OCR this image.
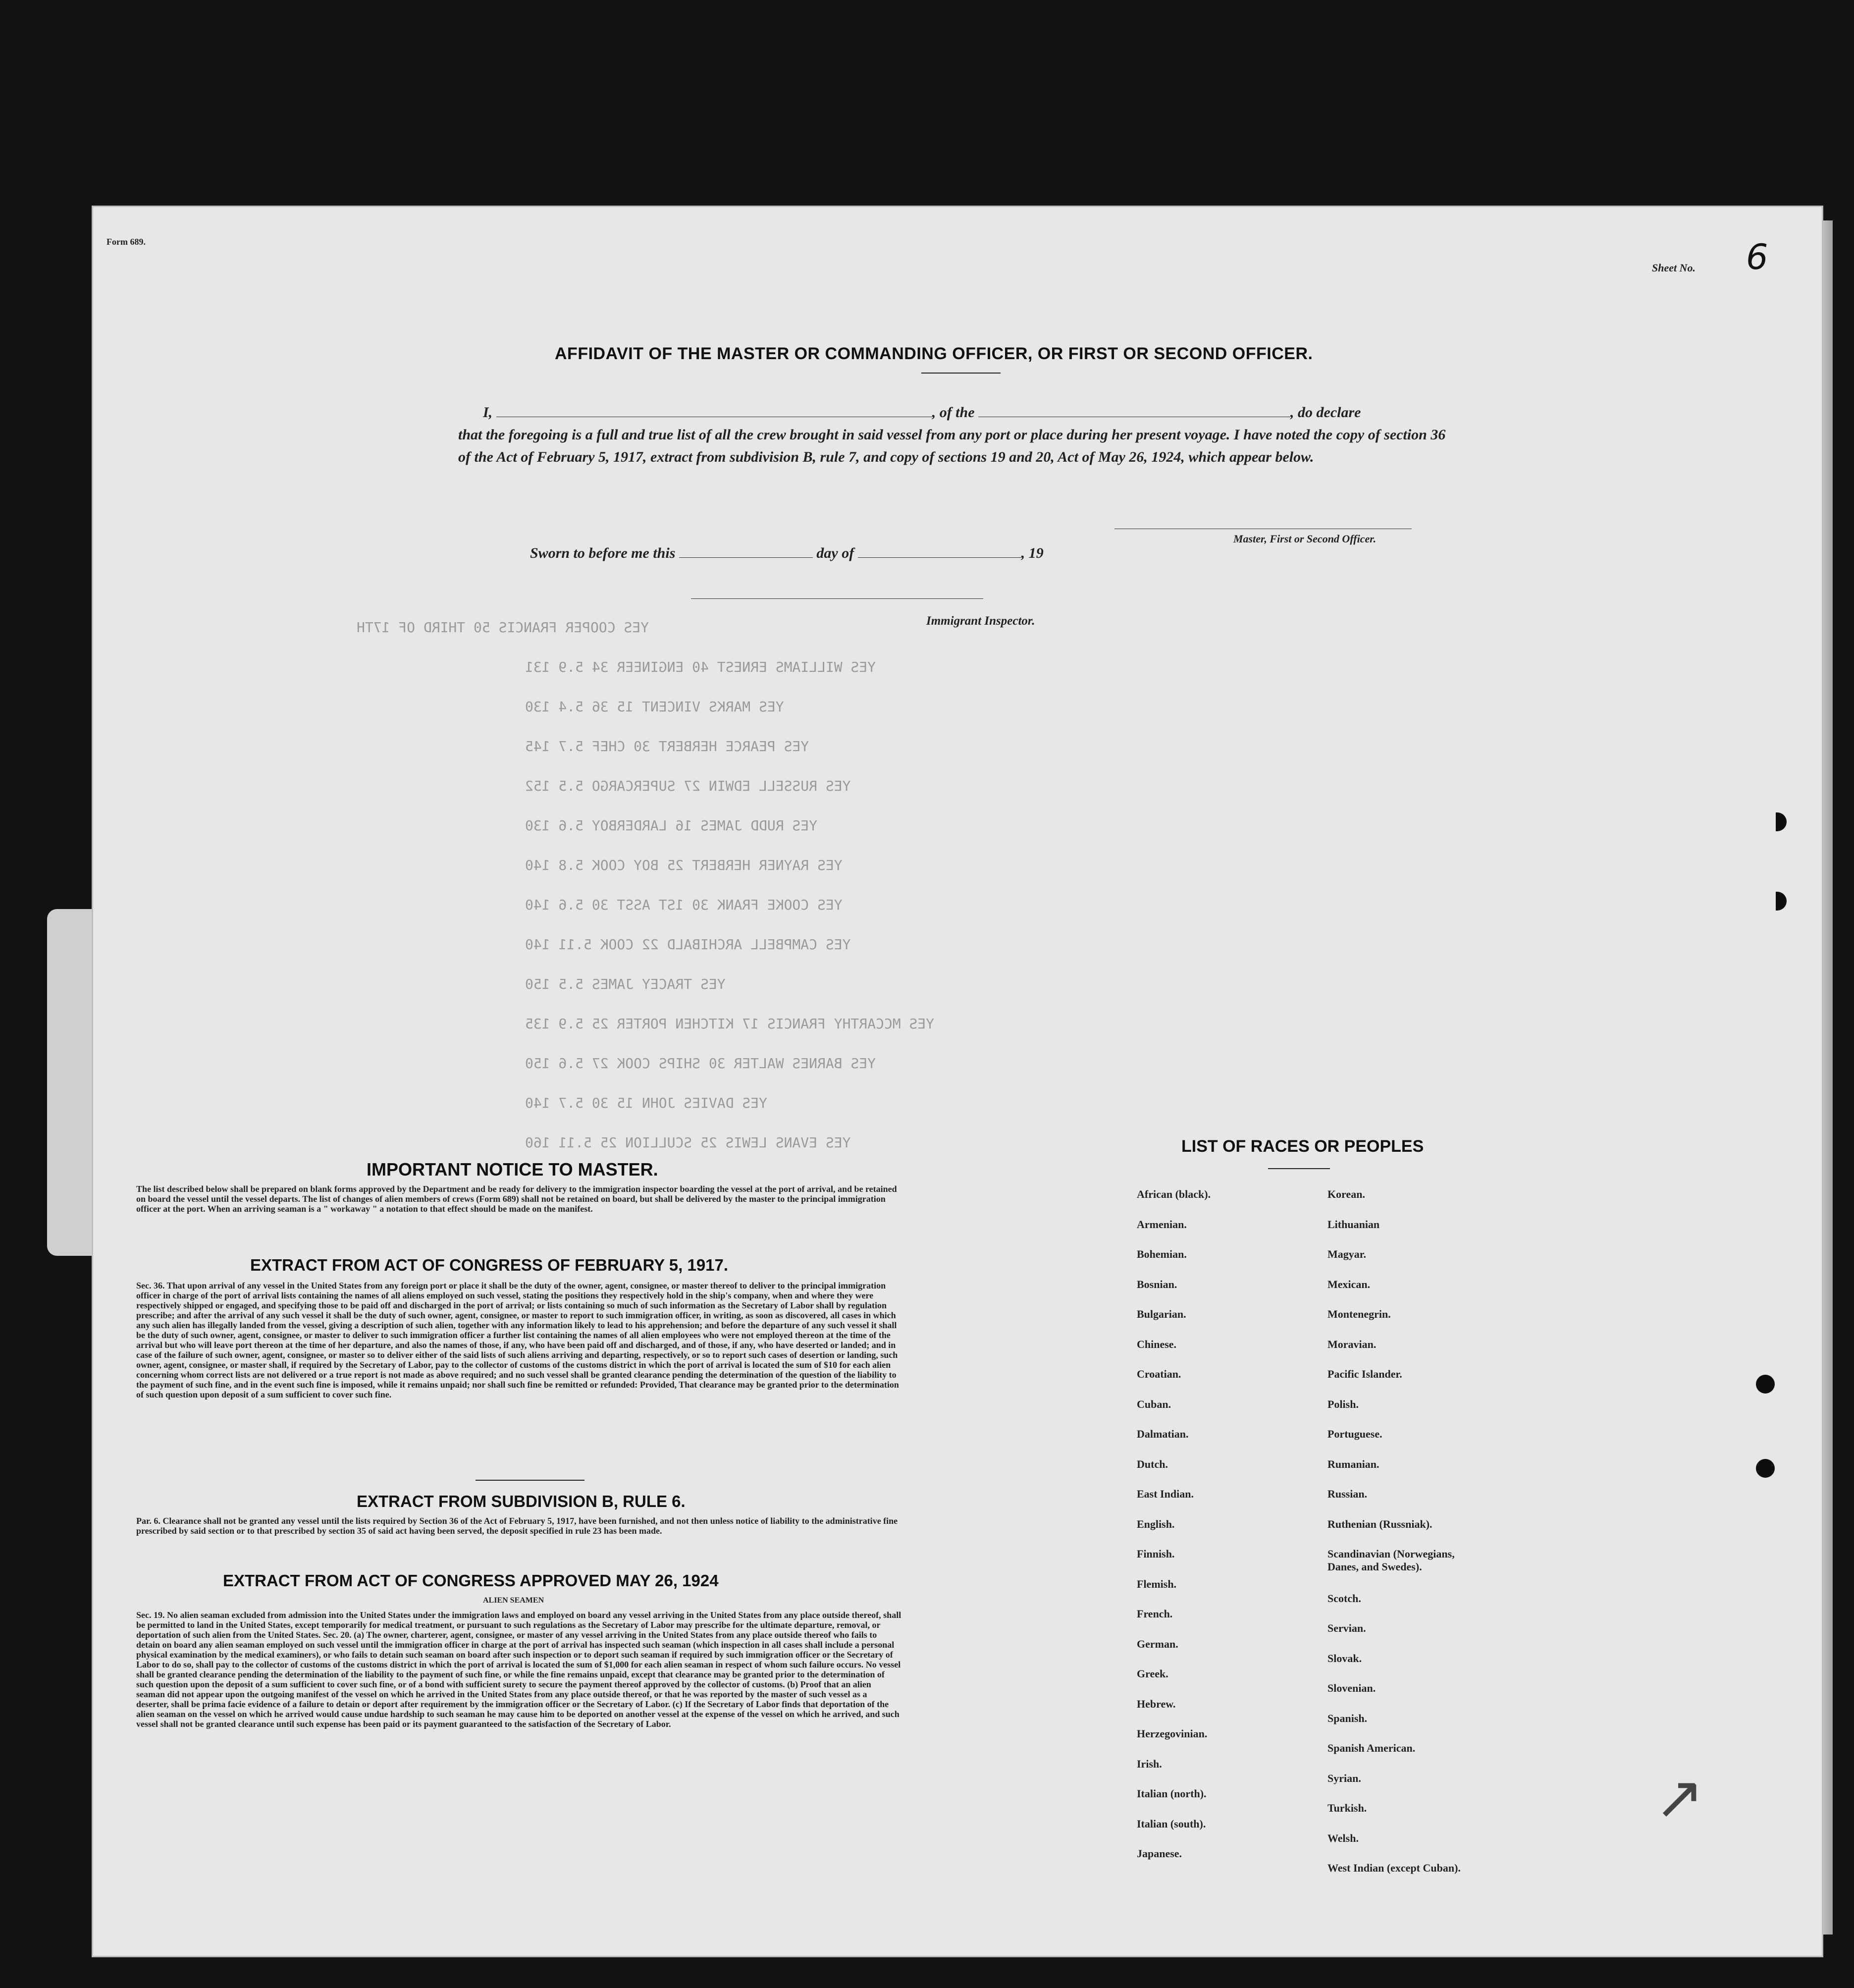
Form 689.
Sheet No. 6
AFFIDAVIT OF THE MASTER OR COMMANDING OFFICER, OR FIRST OR SECOND OFFICER.
I,	, of the	, do declare
that the foregoing is a full and true list of all the crew brought in said vessel from any port or place during her present voyage. I have noted the copy of section 36 of the Act of February 5, 1917, extract from subdivision B, rule 7, and copy of sections 19 and 20, Act of May 26, 1924, which appear below.
Master, First or Second Officer.
Sworn to before me this	day of	, 19
Immigrant Inspector.
YES COOPER FRANCIS 50 THIRD OF 17TH
YES WILLIAMS ERNEST 40 ENGINEER 34 5.9 131
YES MARKS VINCENT 15 36 5.4 130
YES PEARCE HERBERT 30 CHEF 5.7 145
YES RUSSELL EDWIN 27 SUPERCARGO 5.5 152
YES RUDD JAMES 16 LARDERBOY 5.6 130
YES RAYNER HERBERT 25 BOY COOK 5.8 140
YES COOKE FRANK 30 1ST ASST 30 5.6 140
YES CAMPBELL ARCHIBALD 22 COOK 5.11 140
YES TRACEY JAMES 5.5 150
YES MCCARTHY FRANCIS 17 KITCHEN PORTER 25 5.9 135
YES BARNES WALTER 30 SHIPS COOK 27 5.6 150
YES DAVIES JOHN 15 30 5.7 140
YES EVANS LEWIS 25 SCULLION 25 5.11 160
IMPORTANT NOTICE TO MASTER.
The list described below shall be prepared on blank forms approved by the Department and be ready for delivery to the immigration inspector boarding the vessel at the port of arrival, and be retained on board the vessel until the vessel departs. The list of changes of alien members of crews (Form 689) shall not be retained on board, but shall be delivered by the master to the principal immigration officer at the port. When an arriving seaman is a " workaway " a notation to that effect should be made on the manifest.
EXTRACT FROM ACT OF CONGRESS OF FEBRUARY 5, 1917.
Sec. 36. That upon arrival of any vessel in the United States from any foreign port or place it shall be the duty of the owner, agent, consignee, or master thereof to deliver to the principal immigration officer in charge of the port of arrival lists containing the names of all aliens employed on such vessel, stating the positions they respectively hold in the ship's company, when and where they were respectively shipped or engaged, and specifying those to be paid off and discharged in the port of arrival; or lists containing so much of such information as the Secretary of Labor shall by regulation prescribe; and after the arrival of any such vessel it shall be the duty of such owner, agent, consignee, or master to report to such immigration officer, in writing, as soon as discovered, all cases in which any such alien has illegally landed from the vessel, giving a description of such alien, together with any information likely to lead to his apprehension; and before the departure of any such vessel it shall be the duty of such owner, agent, consignee, or master to deliver to such immigration officer a further list containing the names of all alien employees who were not employed thereon at the time of the arrival but who will leave port thereon at the time of her departure, and also the names of those, if any, who have been paid off and discharged, and of those, if any, who have deserted or landed; and in case of the failure of such owner, agent, consignee, or master so to deliver either of the said lists of such aliens arriving and departing, respectively, or so to report such cases of desertion or landing, such owner, agent, consignee, or master shall, if required by the Secretary of Labor, pay to the collector of customs of the customs district in which the port of arrival is located the sum of $10 for each alien concerning whom correct lists are not delivered or a true report is not made as above required; and no such vessel shall be granted clearance pending the determination of the question of the liability to the payment of such fine, and in the event such fine is imposed, while it remains unpaid; nor shall such fine be remitted or refunded: Provided, That clearance may be granted prior to the determination of such question upon deposit of a sum sufficient to cover such fine.
EXTRACT FROM SUBDIVISION B, RULE 6.
Par. 6. Clearance shall not be granted any vessel until the lists required by Section 36 of the Act of February 5, 1917, have been furnished, and not then unless notice of liability to the administrative fine prescribed by said section or to that prescribed by section 35 of said act having been served, the deposit specified in rule 23 has been made.
EXTRACT FROM ACT OF CONGRESS APPROVED MAY 26, 1924
ALIEN SEAMEN
Sec. 19. No alien seaman excluded from admission into the United States under the immigration laws and employed on board any vessel arriving in the United States from any place outside thereof, shall be permitted to land in the United States, except temporarily for medical treatment, or pursuant to such regulations as the Secretary of Labor may prescribe for the ultimate departure, removal, or deportation of such alien from the United States. Sec. 20. (a) The owner, charterer, agent, consignee, or master of any vessel arriving in the United States from any place outside thereof who fails to detain on board any alien seaman employed on such vessel until the immigration officer in charge at the port of arrival has inspected such seaman (which inspection in all cases shall include a personal physical examination by the medical examiners), or who fails to detain such seaman on board after such inspection or to deport such seaman if required by such immigration officer or the Secretary of Labor to do so, shall pay to the collector of customs of the customs district in which the port of arrival is located the sum of $1,000 for each alien seaman in respect of whom such failure occurs. No vessel shall be granted clearance pending the determination of the liability to the payment of such fine, or while the fine remains unpaid, except that clearance may be granted prior to the determination of such question upon the deposit of a sum sufficient to cover such fine, or of a bond with sufficient surety to secure the payment thereof approved by the collector of customs. (b) Proof that an alien seaman did not appear upon the outgoing manifest of the vessel on which he arrived in the United States from any place outside thereof, or that he was reported by the master of such vessel as a deserter, shall be prima facie evidence of a failure to detain or deport after requirement by the immigration officer or the Secretary of Labor. (c) If the Secretary of Labor finds that deportation of the alien seaman on the vessel on which he arrived would cause undue hardship to such seaman he may cause him to be deported on another vessel at the expense of the vessel on which he arrived, and such vessel shall not be granted clearance until such expense has been paid or its payment guaranteed to the satisfaction of the Secretary of Labor.
LIST OF RACES OR PEOPLES
African (black).
Armenian.
Bohemian.
Bosnian.
Bulgarian.
Chinese.
Croatian.
Cuban.
Dalmatian.
Dutch.
East Indian.
English.
Finnish.
Flemish.
French.
German.
Greek.
Hebrew.
Herzegovinian.
Irish.
Italian (north).
Italian (south).
Japanese.
Korean.
Lithuanian
Magyar.
Mexican.
Montenegrin.
Moravian.
Pacific Islander.
Polish.
Portuguese.
Rumanian.
Russian.
Ruthenian (Russniak).
Scandinavian (Norwegians, Danes, and Swedes).
Scotch.
Servian.
Slovak.
Slovenian.
Spanish.
Spanish American.
Syrian.
Turkish.
Welsh.
West Indian (except Cuban).
↗
